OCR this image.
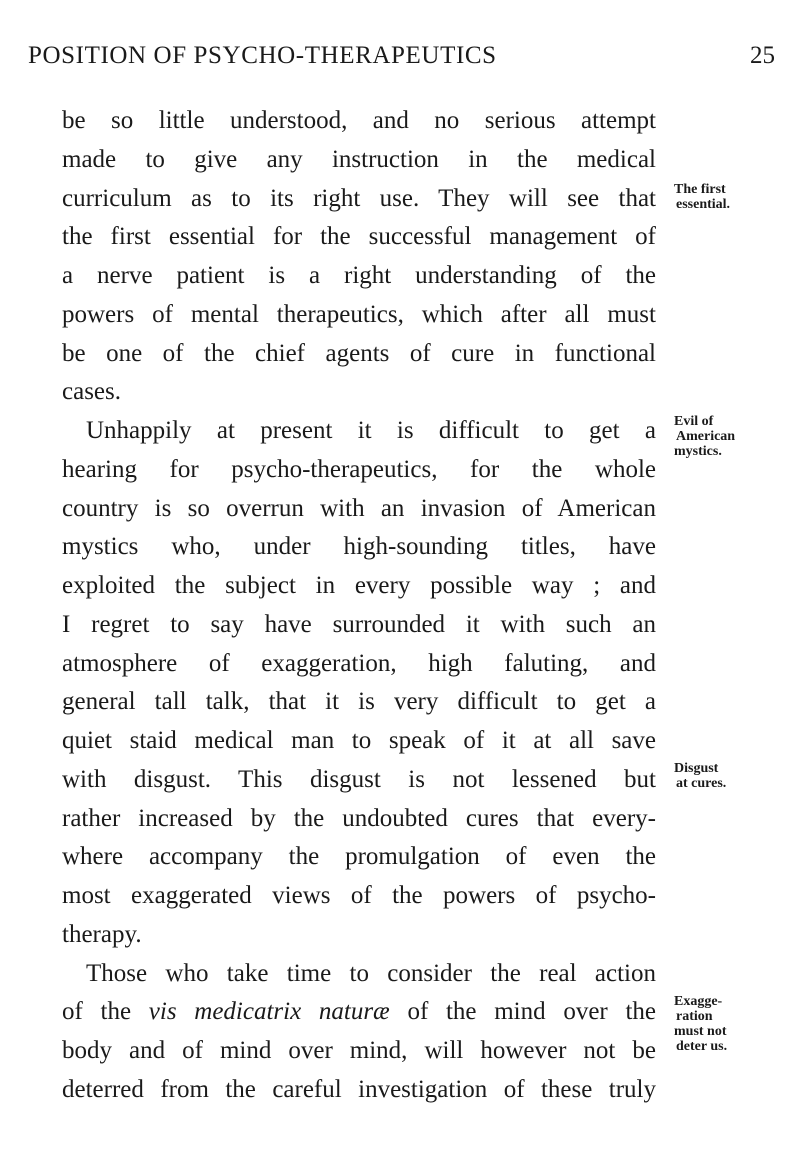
POSITION OF PSYCHO-THERAPEUTICS	25
be so little understood, and no serious attempt
made to give any instruction in the medical
curriculum as to its right use. They will see that
the first essential for the successful management of
a nerve patient is a right understanding of the
powers of mental therapeutics, which after all must
be one of the chief agents of cure in functional
cases.
Unhappily at present it is difficult to get a
hearing for psycho-therapeutics, for the whole
country is so overrun with an invasion of American
mystics who, under high-sounding titles, have
exploited the subject in every possible way ; and
I regret to say have surrounded it with such an
atmosphere of exaggeration, high faluting, and
general tall talk, that it is very difficult to get a
quiet staid medical man to speak of it at all save
with disgust. This disgust is not lessened but
rather increased by the undoubted cures that every-
where accompany the promulgation of even the
most exaggerated views of the powers of psycho-
therapy.
Those who take time to consider the real action
of the vis medicatrix naturæ of the mind over the
body and of mind over mind, will however not be
deterred from the careful investigation of these truly
The first
essential.
Evil of
American
mystics.
Disgust
at cures.
Exagge-
ration
must not
deter us.
